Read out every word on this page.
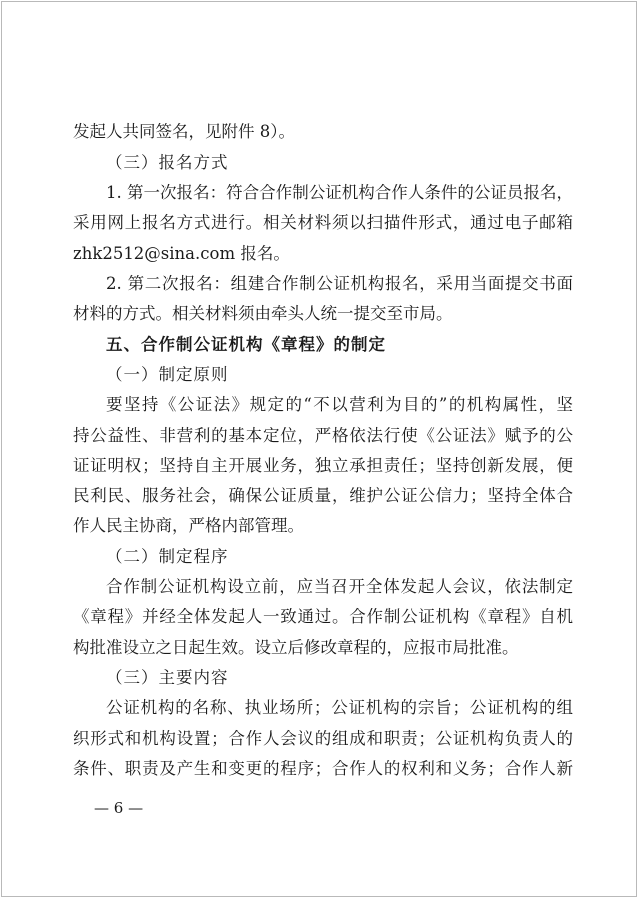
发起人共同签名，见附件 8）。
（三）报名方式
1. 第一次报名：符合合作制公证机构合作人条件的公证员报名，
采用网上报名方式进行。相关材料须以扫描件形式，通过电子邮箱
zhk2512@sina.com 报名。
2. 第二次报名：组建合作制公证机构报名，采用当面提交书面
材料的方式。相关材料须由牵头人统一提交至市局。
五、合作制公证机构《章程》的制定
（一）制定原则
要坚持《公证法》规定的“不以营利为目的”的机构属性，坚
持公益性、非营利的基本定位，严格依法行使《公证法》赋予的公
证证明权；坚持自主开展业务，独立承担责任；坚持创新发展，便
民利民、服务社会，确保公证质量，维护公证公信力；坚持全体合
作人民主协商，严格内部管理。
（二）制定程序
合作制公证机构设立前，应当召开全体发起人会议，依法制定
《章程》并经全体发起人一致通过。合作制公证机构《章程》自机
构批准设立之日起生效。设立后修改章程的，应报市局批准。
（三）主要内容
公证机构的名称、执业场所；公证机构的宗旨；公证机构的组
织形式和机构设置；合作人会议的组成和职责；公证机构负责人的
条件、职责及产生和变更的程序；合作人的权利和义务；合作人新
— 6 —
